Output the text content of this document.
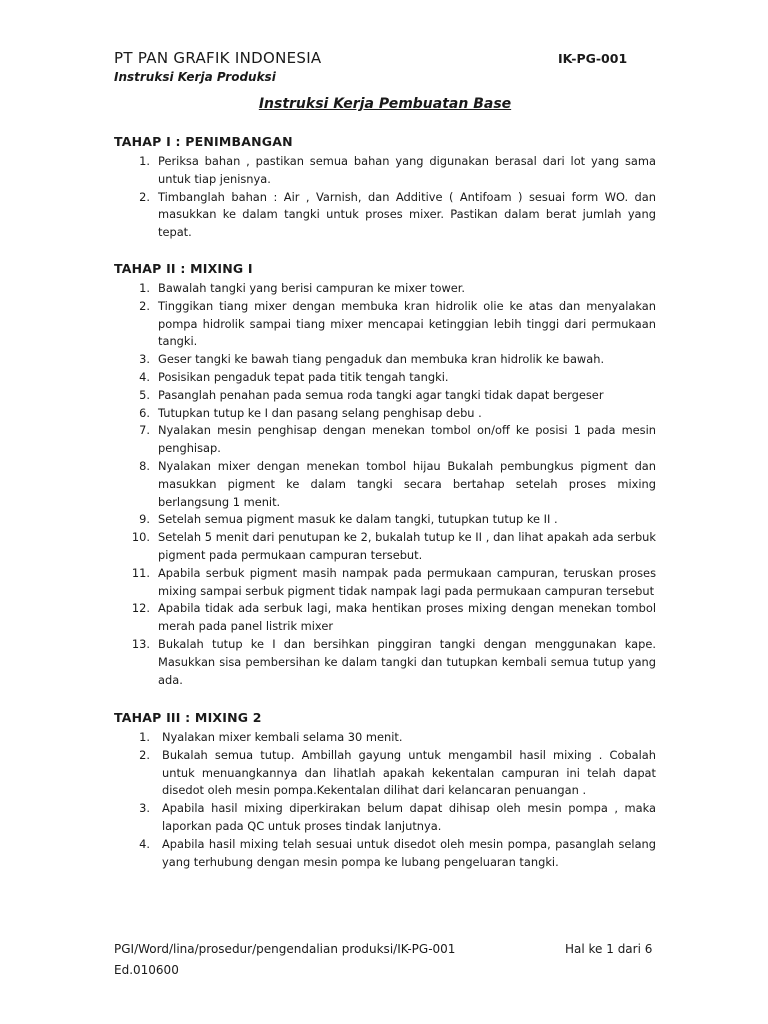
PT PAN GRAFIK INDONESIA	IK-PG-001
Instruksi Kerja Produksi
Instruksi Kerja Pembuatan Base
TAHAP I : PENIMBANGAN
1. Periksa bahan , pastikan semua bahan yang digunakan berasal dari lot yang sama untuk tiap jenisnya.
2. Timbanglah bahan : Air , Varnish, dan Additive ( Antifoam ) sesuai form WO. dan masukkan ke dalam tangki untuk proses mixer. Pastikan dalam berat jumlah yang tepat.
TAHAP II : MIXING I
1. Bawalah tangki yang berisi campuran ke mixer tower.
2. Tinggikan tiang mixer dengan membuka kran hidrolik olie ke atas dan menyalakan pompa hidrolik sampai tiang mixer mencapai ketinggian lebih tinggi dari permukaan tangki.
3. Geser tangki ke bawah tiang pengaduk dan membuka kran hidrolik ke bawah.
4. Posisikan pengaduk tepat pada titik tengah tangki.
5. Pasanglah penahan pada semua roda tangki agar tangki tidak dapat bergeser
6. Tutupkan tutup ke I dan pasang selang penghisap debu .
7. Nyalakan mesin penghisap dengan menekan tombol on/off ke posisi 1 pada mesin penghisap.
8. Nyalakan mixer dengan menekan tombol hijau Bukalah pembungkus pigment dan masukkan pigment ke dalam tangki secara bertahap setelah proses mixing berlangsung 1 menit.
9. Setelah semua pigment masuk ke dalam tangki, tutupkan tutup ke II .
10. Setelah 5 menit dari penutupan ke 2, bukalah tutup ke II , dan lihat apakah ada serbuk pigment pada permukaan campuran tersebut.
11. Apabila serbuk pigment masih nampak pada permukaan campuran, teruskan proses mixing sampai serbuk pigment tidak nampak lagi pada permukaan campuran tersebut
12. Apabila tidak ada serbuk lagi, maka hentikan proses mixing dengan menekan tombol merah pada panel listrik mixer
13. Bukalah tutup ke I dan bersihkan pinggiran tangki dengan menggunakan kape. Masukkan sisa pembersihan ke dalam tangki dan tutupkan kembali semua tutup yang ada.
TAHAP III : MIXING 2
1. Nyalakan mixer kembali selama 30 menit.
2. Bukalah semua tutup. Ambillah gayung untuk mengambil hasil mixing . Cobalah untuk menuangkannya dan lihatlah apakah kekentalan campuran ini telah dapat disedot oleh mesin pompa.Kekentalan dilihat dari kelancaran penuangan .
3. Apabila hasil mixing diperkirakan belum dapat dihisap oleh mesin pompa , maka laporkan pada QC untuk proses tindak lanjutnya.
4. Apabila hasil mixing telah sesuai untuk disedot oleh mesin pompa, pasanglah selang yang terhubung dengan mesin pompa ke lubang pengeluaran tangki.
PGI/Word/lina/prosedur/pengendalian produksi/IK-PG-001
Ed.010600
Hal ke 1 dari 6
